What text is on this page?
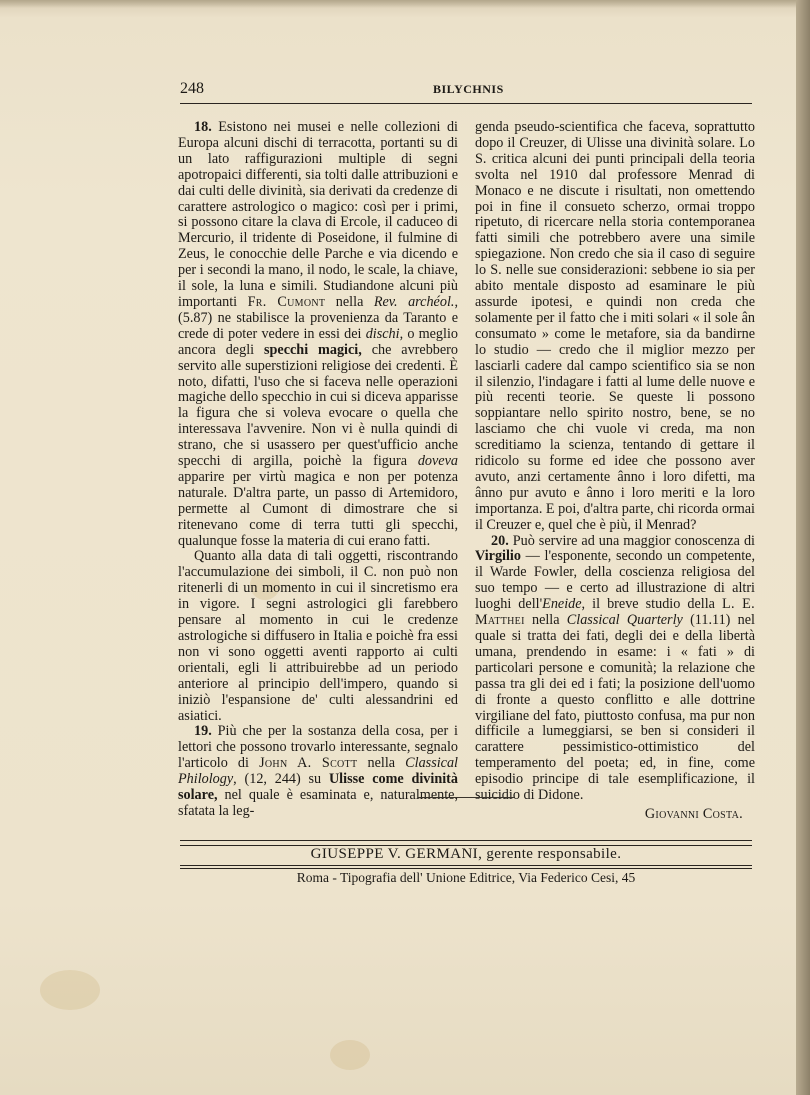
248	BILYCHNIS

18. Esistono nei musei e nelle collezioni di Europa alcuni dischi di terracotta, portanti su di un lato raffigurazioni multiple di segni apotropaici differenti, sia tolti dalle attribuzioni e dai culti delle divinità, sia derivati da credenze di carattere astrologico o magico: così per i primi, si possono citare la clava di Ercole, il caduceo di Mercurio, il tridente di Poseidone, il fulmine di Zeus, le conocchie delle Parche e via dicendo e per i secondi la mano, il nodo, le scale, la chiave, il sole, la luna e simili. Studiandone alcuni più importanti Fr. Cumont nella Rev. archéol., (5.87) ne stabilisce la provenienza da Taranto e crede di poter vedere in essi dei dischi, o meglio ancora degli specchi magici, che avrebbero servito alle superstizioni religiose dei credenti. È noto, difatti, l'uso che si faceva nelle operazioni magiche dello specchio in cui si diceva apparisse la figura che si voleva evocare o quella che interessava l'avvenire. Non vi è nulla quindi di strano, che si usassero per quest'ufficio anche specchi di argilla, poichè la figura doveva apparire per virtù magica e non per potenza naturale. D'altra parte, un passo di Artemidoro, permette al Cumont di dimostrare che si ritenevano come di terra tutti gli specchi, qualunque fosse la materia di cui erano fatti.

Quanto alla data di tali oggetti, riscontrando l'accumulazione dei simboli, il C. non può non ritenerli di un momento in cui il sincretismo era in vigore. I segni astrologici gli farebbero pensare al momento in cui le credenze astrologiche si diffusero in Italia e poichè fra essi non vi sono oggetti aventi rapporto ai culti orientali, egli li attribuirebbe ad un periodo anteriore al principio dell'impero, quando si iniziò l'espansione de' culti alessandrini ed asiatici.

19. Più che per la sostanza della cosa, per i lettori che possono trovarlo interessante, segnalo l'articolo di John A. Scott nella Classical Philology, (12, 244) su Ulisse come divinità solare, nel quale è esaminata e, naturalmente, sfatata la leg-

genda pseudo-scientifica che faceva, soprattutto dopo il Creuzer, di Ulisse una divinità solare. Lo S. critica alcuni dei punti principali della teoria svolta nel 1910 dal professore Menrad di Monaco e ne discute i risultati, non omettendo poi in fine il consueto scherzo, ormai troppo ripetuto, di ricercare nella storia contemporanea fatti simili che potrebbero avere una simile spiegazione. Non credo che sia il caso di seguire lo S. nelle sue considerazioni: sebbene io sia per abito mentale disposto ad esaminare le più assurde ipotesi, e quindi non creda che solamente per il fatto che i miti solari « il sole ân consumato » come le metafore, sia da bandirne lo studio — credo che il miglior mezzo per lasciarli cadere dal campo scientifico sia se non il silenzio, l'indagare i fatti al lume delle nuove e più recenti teorie. Se queste li possono soppiantare nello spirito nostro, bene, se no lasciamo che chi vuole vi creda, ma non screditiamo la scienza, tentando di gettare il ridicolo su forme ed idee che possono aver avuto, anzi certamente ânno i loro difetti, ma ânno pur avuto e ânno i loro meriti e la loro importanza. E poi, d'altra parte, chi ricorda ormai il Creuzer e, quel che è più, il Menrad?

20. Può servire ad una maggior conoscenza di Virgilio — l'esponente, secondo un competente, il Warde Fowler, della coscienza religiosa del suo tempo — e certo ad illustrazione di altri luoghi dell'Eneide, il breve studio della L. E. Matthei nella Classical Quarterly (11.11) nel quale si tratta dei fati, degli dei e della libertà umana, prendendo in esame: i « fati » di particolari persone e comunità; la relazione che passa tra gli dei ed i fati; la posizione dell'uomo di fronte a questo conflitto e alle dottrine virgiliane del fato, piuttosto confusa, ma pur non difficile a lumeggiarsi, se ben si consideri il carattere pessimistico-ottimistico del temperamento del poeta; ed, in fine, come episodio principe di tale esemplificazione, il suicidio di Didone.

Giovanni Costa.

GIUSEPPE V. GERMANI, gerente responsabile.
Roma - Tipografia dell' Unione Editrice, Via Federico Cesi, 45
